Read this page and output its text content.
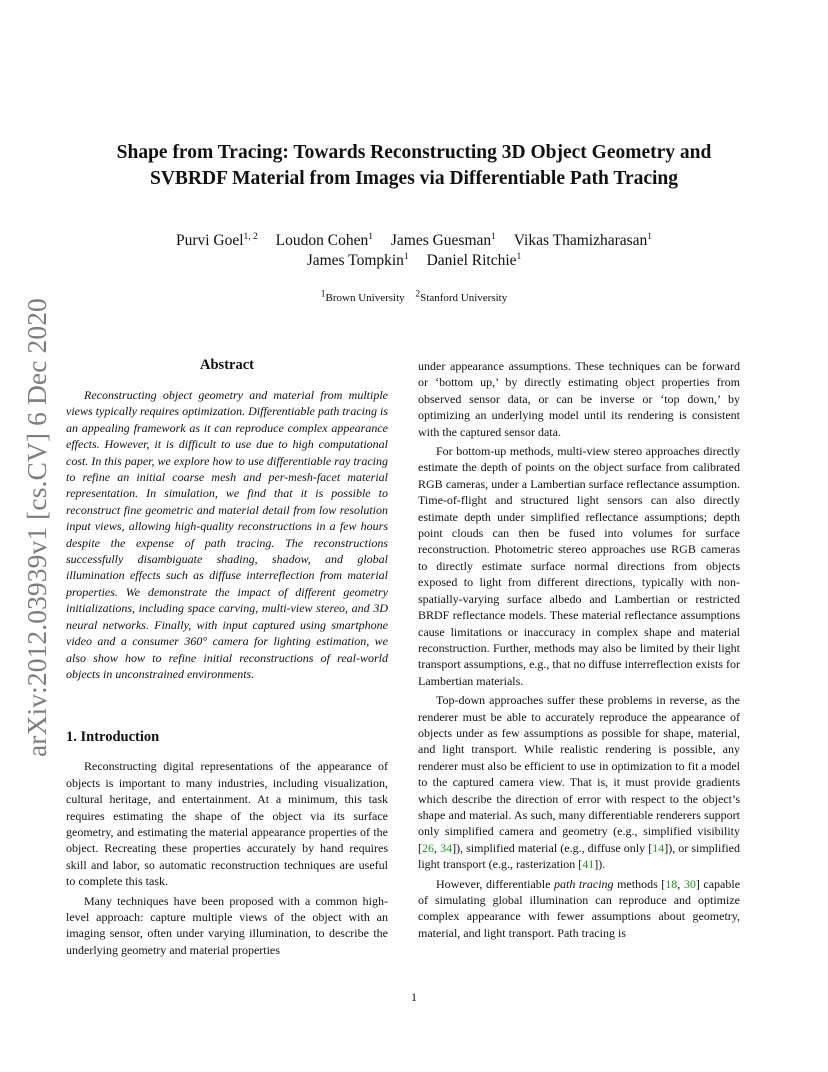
arXiv:2012.03939v1 [cs.CV] 6 Dec 2020
Shape from Tracing: Towards Reconstructing 3D Object Geometry and
SVBRDF Material from Images via Differentiable Path Tracing
Purvi Goel$^{1, 2}$ Loudon Cohen$^1$ James Guesman$^1$ Vikas Thamizharasan$^1$
James Tompkin$^1$ Daniel Ritchie$^1$
$^1$Brown University $^2$Stanford University
Abstract

Reconstructing object geometry and material from multiple views typically requires optimization. Differentiable path tracing is an appealing framework as it can reproduce complex appearance effects. However, it is difficult to use due to high computational cost. In this paper, we explore how to use differentiable ray tracing to refine an initial coarse mesh and per-mesh-facet material representation. In simulation, we find that it is possible to reconstruct fine geometric and material detail from low resolution input views, allowing high-quality reconstructions in a few hours despite the expense of path tracing. The reconstructions successfully disambiguate shading, shadow, and global illumination effects such as diffuse interreflection from material properties. We demonstrate the impact of different geometry initializations, including space carving, multi-view stereo, and 3D neural networks. Finally, with input captured using smartphone video and a consumer 360° camera for lighting estimation, we also show how to refine initial reconstructions of real-world objects in unconstrained environments.

1. Introduction

Reconstructing digital representations of the appearance of objects is important to many industries, including visualization, cultural heritage, and entertainment. At a minimum, this task requires estimating the shape of the object via its surface geometry, and estimating the material appearance properties of the object. Recreating these properties accurately by hand requires skill and labor, so automatic reconstruction techniques are useful to complete this task.

Many techniques have been proposed with a common high-level approach: capture multiple views of the object with an imaging sensor, often under varying illumination, to describe the underlying geometry and material properties

under appearance assumptions. These techniques can be forward or ‘bottom up,’ by directly estimating object properties from observed sensor data, or can be inverse or ‘top down,’ by optimizing an underlying model until its rendering is consistent with the captured sensor data.

For bottom-up methods, multi-view stereo approaches directly estimate the depth of points on the object surface from calibrated RGB cameras, under a Lambertian surface reflectance assumption. Time-of-flight and structured light sensors can also directly estimate depth under simplified reflectance assumptions; depth point clouds can then be fused into volumes for surface reconstruction. Photometric stereo approaches use RGB cameras to directly estimate surface normal directions from objects exposed to light from different directions, typically with non-spatially-varying surface albedo and Lambertian or restricted BRDF reflectance models. These material reflectance assumptions cause limitations or inaccuracy in complex shape and material reconstruction. Further, methods may also be limited by their light transport assumptions, e.g., that no diffuse interreflection exists for Lambertian materials.

Top-down approaches suffer these problems in reverse, as the renderer must be able to accurately reproduce the appearance of objects under as few assumptions as possible for shape, material, and light transport. While realistic rendering is possible, any renderer must also be efficient to use in optimization to fit a model to the captured camera view. That is, it must provide gradients which describe the direction of error with respect to the object’s shape and material. As such, many differentiable renderers support only simplified camera and geometry (e.g., simplified visibility [26, 34]), simplified material (e.g., diffuse only [14]), or simplified light transport (e.g., rasterization [41]).

However, differentiable path tracing methods [18, 30] capable of simulating global illumination can reproduce and optimize complex appearance with fewer assumptions about geometry, material, and light transport. Path tracing is

1
